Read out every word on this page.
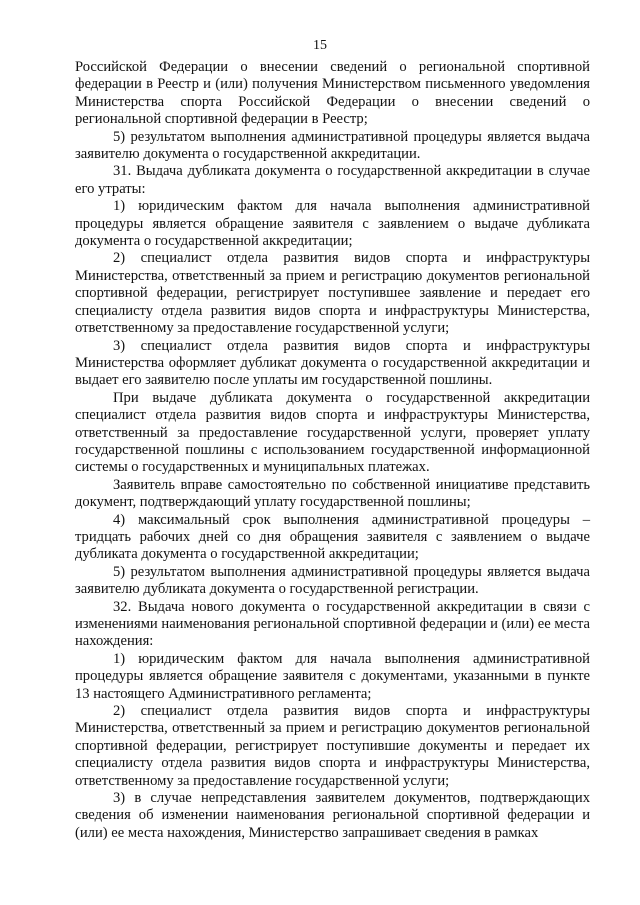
15

Российской Федерации о внесении сведений о региональной спортивной федерации в Реестр и (или) получения Министерством письменного уведомления Министерства спорта Российской Федерации о внесении сведений о региональной спортивной федерации в Реестр;

5) результатом выполнения административной процедуры является выдача заявителю документа о государственной аккредитации.

31. Выдача дубликата документа о государственной аккредитации в случае его утраты:

1) юридическим фактом для начала выполнения административной процедуры является обращение заявителя с заявлением о выдаче дубликата документа о государственной аккредитации;

2) специалист отдела развития видов спорта и инфраструктуры Министерства, ответственный за прием и регистрацию документов региональной спортивной федерации, регистрирует поступившее заявление и передает его специалисту отдела развития видов спорта и инфраструктуры Министерства, ответственному за предоставление государственной услуги;

3) специалист отдела развития видов спорта и инфраструктуры Министерства оформляет дубликат документа о государственной аккредитации и выдает его заявителю после уплаты им государственной пошлины.

При выдаче дубликата документа о государственной аккредитации специалист отдела развития видов спорта и инфраструктуры Министерства, ответственный за предоставление государственной услуги, проверяет уплату государственной пошлины с использованием государственной информационной системы о государственных и муниципальных платежах.

Заявитель вправе самостоятельно по собственной инициативе представить документ, подтверждающий уплату государственной пошлины;

4) максимальный срок выполнения административной процедуры – тридцать рабочих дней со дня обращения заявителя с заявлением о выдаче дубликата документа о государственной аккредитации;

5) результатом выполнения административной процедуры является выдача заявителю дубликата документа о государственной регистрации.

32. Выдача нового документа о государственной аккредитации в связи с изменениями наименования региональной спортивной федерации и (или) ее места нахождения:

1) юридическим фактом для начала выполнения административной процедуры является обращение заявителя с документами, указанными в пункте 13 настоящего Административного регламента;

2) специалист отдела развития видов спорта и инфраструктуры Министерства, ответственный за прием и регистрацию документов региональной спортивной федерации, регистрирует поступившие документы и передает их специалисту отдела развития видов спорта и инфраструктуры Министерства, ответственному за предоставление государственной услуги;

3) в случае непредставления заявителем документов, подтверждающих сведения об изменении наименования региональной спортивной федерации и (или) ее места нахождения, Министерство запрашивает сведения в рамках
